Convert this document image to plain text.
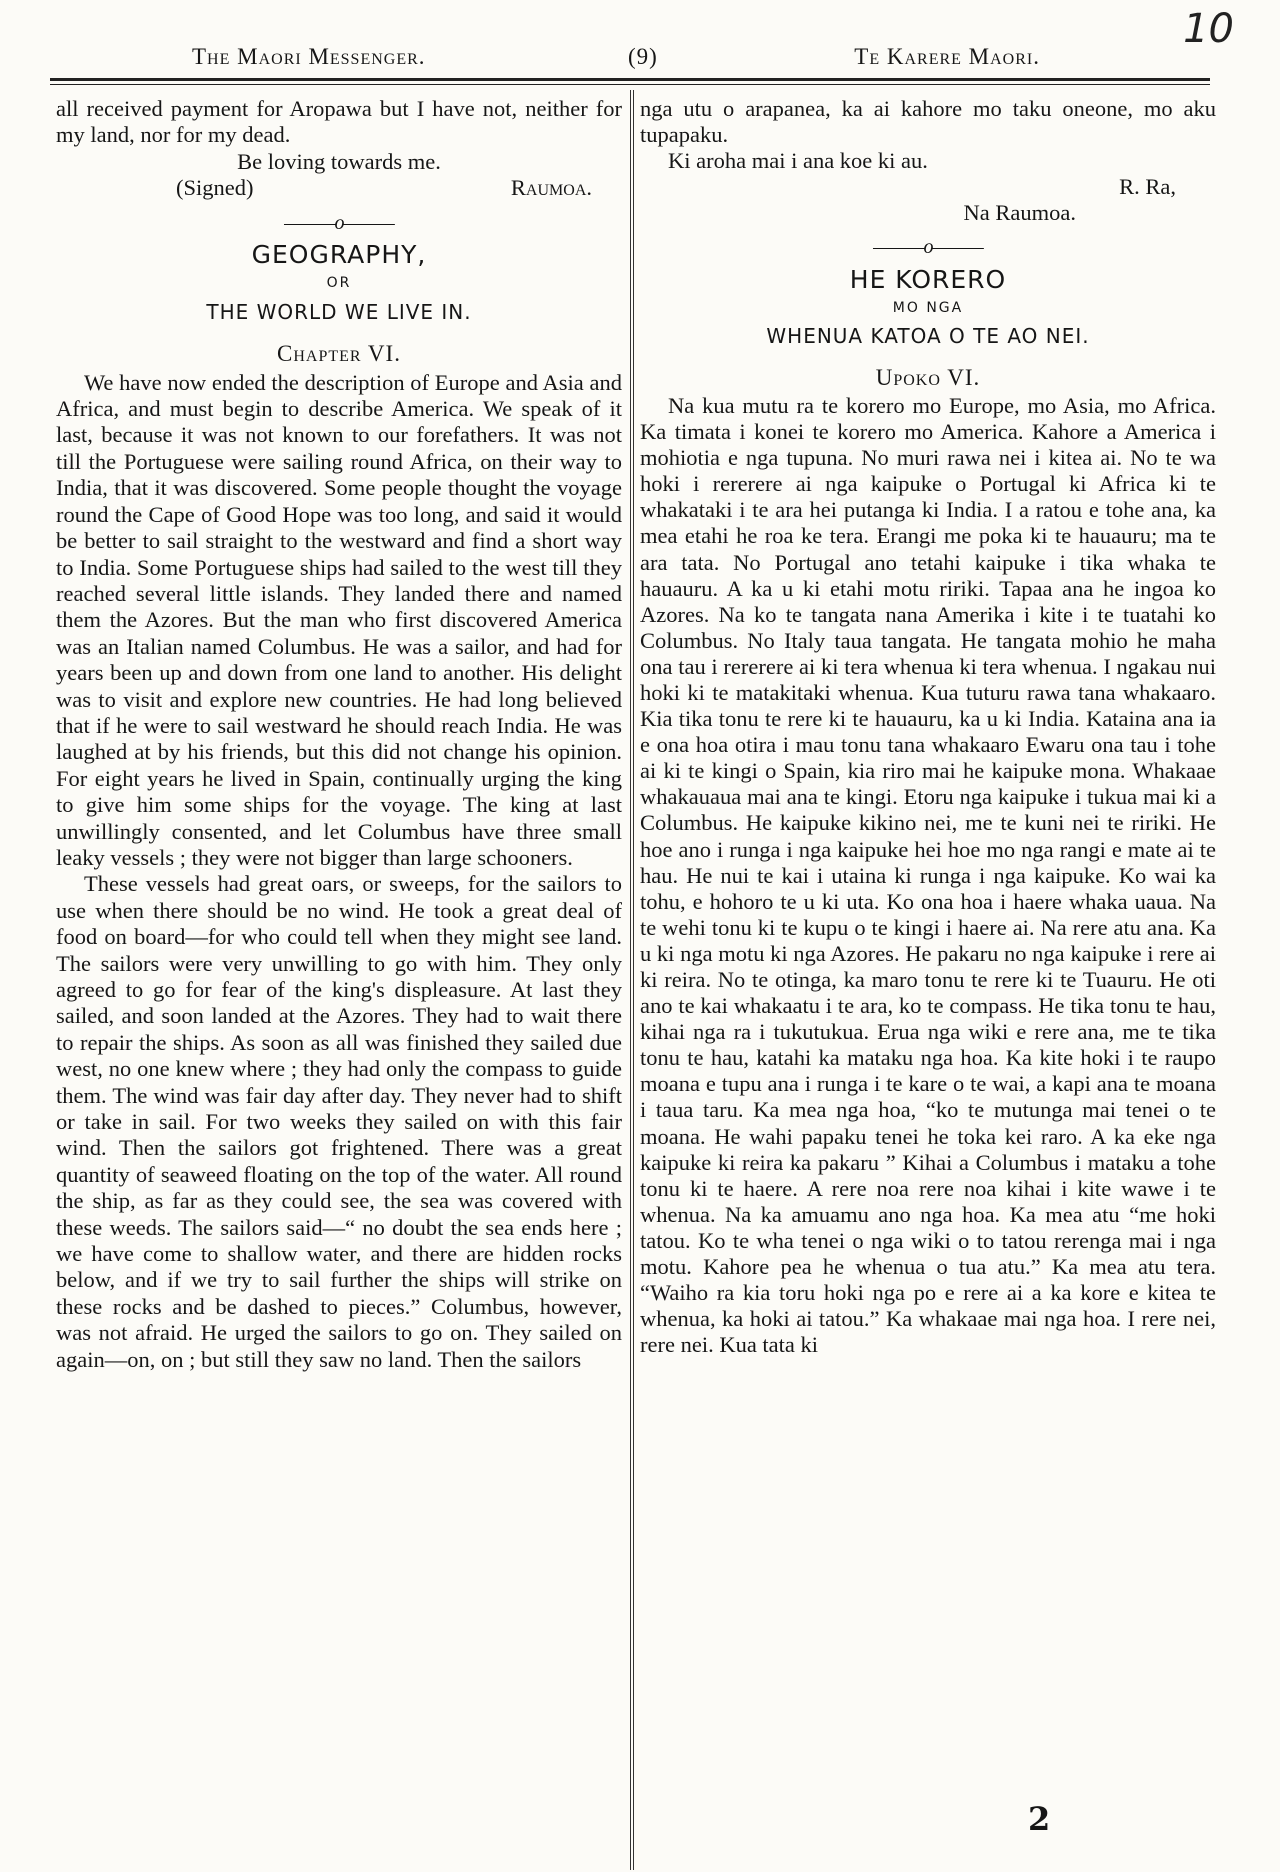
10
The Maori Messenger.	(9)	Te Karere Maori.

all received payment for Aropawa but I have not, neither for my land, nor for my dead.

Be loving towards me.

(Signed)	Raumoa.
———o———
GEOGRAPHY,
OR
THE WORLD WE LIVE IN.
Chapter VI.

We have now ended the description of Europe and Asia and Africa, and must begin to describe America. We speak of it last, because it was not known to our forefathers. It was not till the Portuguese were sailing round Africa, on their way to India, that it was discovered. Some people thought the voyage round the Cape of Good Hope was too long, and said it would be better to sail straight to the westward and find a short way to India. Some Portuguese ships had sailed to the west till they reached several little islands. They landed there and named them the Azores. But the man who first discovered America was an Italian named Columbus. He was a sailor, and had for years been up and down from one land to another. His delight was to visit and explore new countries. He had long believed that if he were to sail westward he should reach India. He was laughed at by his friends, but this did not change his opinion. For eight years he lived in Spain, continually urging the king to give him some ships for the voyage. The king at last unwillingly consented, and let Columbus have three small leaky vessels ; they were not bigger than large schooners.

These vessels had great oars, or sweeps, for the sailors to use when there should be no wind. He took a great deal of food on board—for who could tell when they might see land. The sailors were very unwilling to go with him. They only agreed to go for fear of the king's displeasure. At last they sailed, and soon landed at the Azores. They had to wait there to repair the ships. As soon as all was finished they sailed due west, no one knew where ; they had only the compass to guide them. The wind was fair day after day. They never had to shift or take in sail. For two weeks they sailed on with this fair wind. Then the sailors got frightened. There was a great quantity of seaweed floating on the top of the water. All round the ship, as far as they could see, the sea was covered with these weeds. The sailors said—“ no doubt the sea ends here ; we have come to shallow water, and there are hidden rocks below, and if we try to sail further the ships will strike on these rocks and be dashed to pieces.” Columbus, however, was not afraid. He urged the sailors to go on. They sailed on again—on, on ; but still they saw no land. Then the sailors

nga utu o arapanea, ka ai kahore mo taku oneone, mo aku tupapaku.

Ki aroha mai i ana koe ki au.

R. Ra,
Na Raumoa.
———o———
HE KORERO
MO NGA
WHENUA KATOA O TE AO NEI.
Upoko VI.

Na kua mutu ra te korero mo Europe, mo Asia, mo Africa. Ka timata i konei te korero mo America. Kahore a America i mohiotia e nga tupuna. No muri rawa nei i kitea ai. No te wa hoki i rererere ai nga kaipuke o Portugal ki Africa ki te whakataki i te ara hei putanga ki India. I a ratou e tohe ana, ka mea etahi he roa ke tera. Erangi me poka ki te hauauru; ma te ara tata. No Portugal ano tetahi kaipuke i tika whaka te hauauru. A ka u ki etahi motu ririki. Tapaa ana he ingoa ko Azores. Na ko te tangata nana Amerika i kite i te tuatahi ko Columbus. No Italy taua tangata. He tangata mohio he maha ona tau i rererere ai ki tera whenua ki tera whenua. I ngakau nui hoki ki te matakitaki whenua. Kua tuturu rawa tana whakaaro. Kia tika tonu te rere ki te hauauru, ka u ki India. Kataina ana ia e ona hoa otira i mau tonu tana whakaaro Ewaru ona tau i tohe ai ki te kingi o Spain, kia riro mai he kaipuke mona. Whakaae whakauaua mai ana te kingi. Etoru nga kaipuke i tukua mai ki a Columbus. He kaipuke kikino nei, me te kuni nei te ririki. He hoe ano i runga i nga kaipuke hei hoe mo nga rangi e mate ai te hau. He nui te kai i utaina ki runga i nga kaipuke. Ko wai ka tohu, e hohoro te u ki uta. Ko ona hoa i haere whaka uaua. Na te wehi tonu ki te kupu o te kingi i haere ai. Na rere atu ana. Ka u ki nga motu ki nga Azores. He pakaru no nga kaipuke i rere ai ki reira. No te otinga, ka maro tonu te rere ki te Tuauru. He oti ano te kai whakaatu i te ara, ko te compass. He tika tonu te hau, kihai nga ra i tukutukua. Erua nga wiki e rere ana, me te tika tonu te hau, katahi ka mataku nga hoa. Ka kite hoki i te raupo moana e tupu ana i runga i te kare o te wai, a kapi ana te moana i taua taru. Ka mea nga hoa, “ko te mutunga mai tenei o te moana. He wahi papaku tenei he toka kei raro. A ka eke nga kaipuke ki reira ka pakaru ” Kihai a Columbus i mataku a tohe tonu ki te haere. A rere noa rere noa kihai i kite wawe i te whenua. Na ka amuamu ano nga hoa. Ka mea atu “me hoki tatou. Ko te wha tenei o nga wiki o to tatou rerenga mai i nga motu. Kahore pea he whenua o tua atu.” Ka mea atu tera. “Waiho ra kia toru hoki nga po e rere ai a ka kore e kitea te whenua, ka hoki ai tatou.” Ka whakaae mai nga hoa. I rere nei, rere nei. Kua tata ki

2
